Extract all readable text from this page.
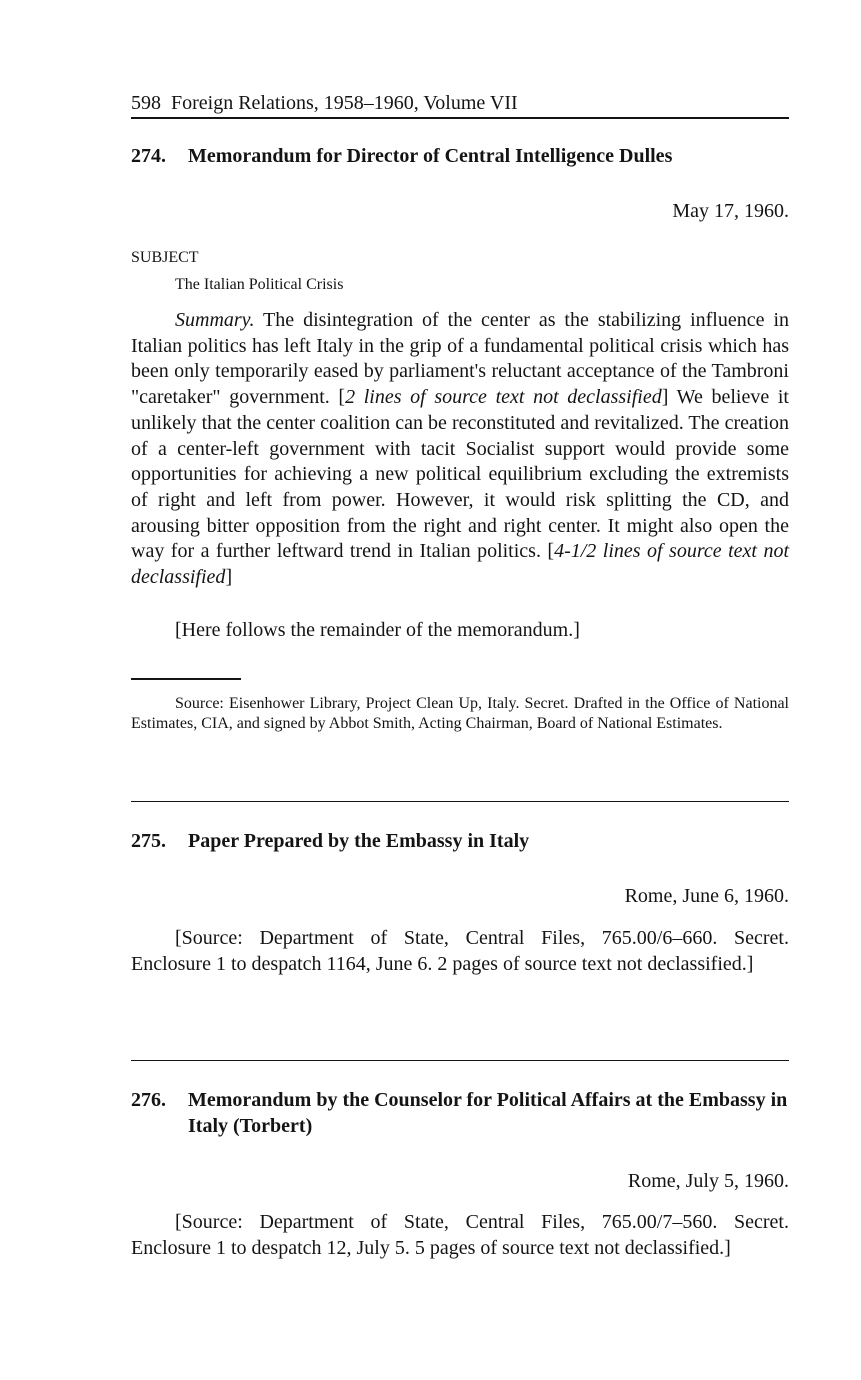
598 Foreign Relations, 1958–1960, Volume VII
274.	Memorandum for Director of Central Intelligence Dulles
May 17, 1960.
SUBJECT
The Italian Political Crisis

Summary. The disintegration of the center as the stabilizing influence in Italian politics has left Italy in the grip of a fundamental political crisis which has been only temporarily eased by parliament's reluctant acceptance of the Tambroni "caretaker" government. [2 lines of source text not declassified] We believe it unlikely that the center coalition can be reconstituted and revitalized. The creation of a center-left government with tacit Socialist support would provide some opportunities for achieving a new political equilibrium excluding the extremists of right and left from power. However, it would risk splitting the CD, and arousing bitter opposition from the right and right center. It might also open the way for a further leftward trend in Italian politics. [4-1/2 lines of source text not declassified]

[Here follows the remainder of the memorandum.]

Source: Eisenhower Library, Project Clean Up, Italy. Secret. Drafted in the Office of National Estimates, CIA, and signed by Abbot Smith, Acting Chairman, Board of National Estimates.

275.	Paper Prepared by the Embassy in Italy
Rome, June 6, 1960.

[Source: Department of State, Central Files, 765.00/6–660. Secret. Enclosure 1 to despatch 1164, June 6. 2 pages of source text not declassified.]

276.	Memorandum by the Counselor for Political Affairs at the Embassy in Italy (Torbert)
Rome, July 5, 1960.

[Source: Department of State, Central Files, 765.00/7–560. Secret. Enclosure 1 to despatch 12, July 5. 5 pages of source text not declassified.]
